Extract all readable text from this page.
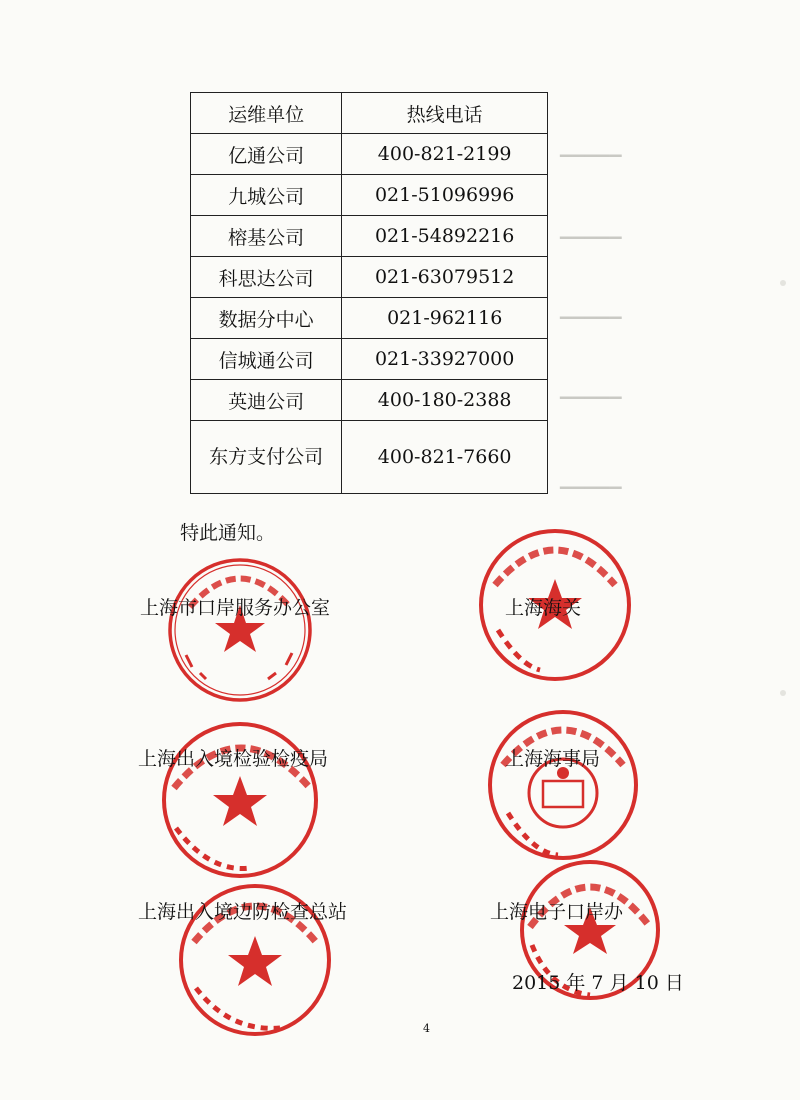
▁▁▁▁▁
▁▁▁▁▁
▁▁▁▁▁
▁▁▁▁▁
▁▁▁▁▁
运维单位	热线电话
亿通公司	400-821-2199
九城公司	021-51096996
榕基公司	021-54892216
科思达公司	021-63079512
数据分中心	021-962116
信城通公司	021-33927000
英迪公司	400-180-2388
东方支付公司	400-821-7660
特此通知。
上海市口岸服务办公室	上海海关
上海出入境检验检疫局	上海海事局
上海出入境边防检查总站	上海电子口岸办
2015 年 7 月 10 日
4
